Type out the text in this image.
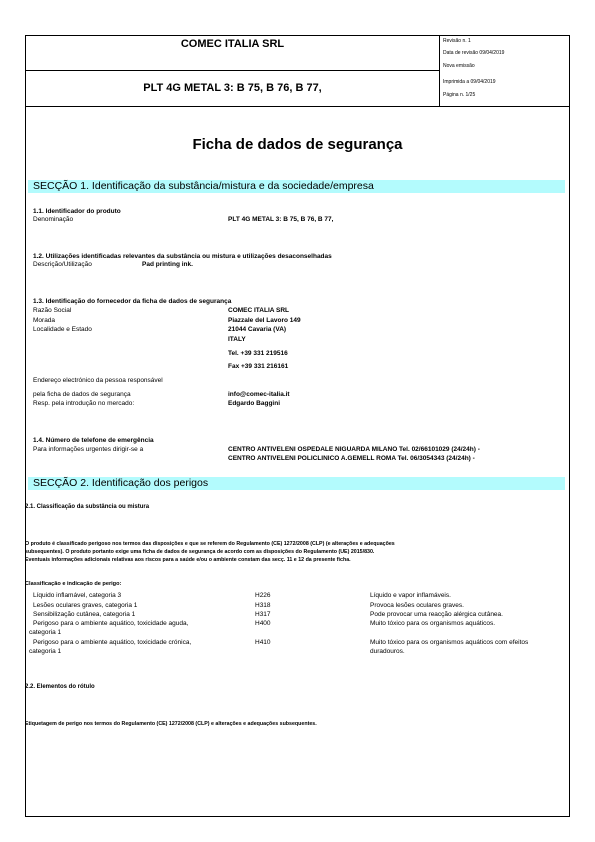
COMEC ITALIA SRL
PLT 4G METAL 3: B 75, B 76, B 77,
Revisão n. 1
Data de revisão 09/04/2019
Nova emissão
Imprimida a 09/04/2019
Página n. 1/25
Ficha de dados de segurança
SECÇÃO 1. Identificação da substância/mistura e da sociedade/empresa
1.1. Identificador do produto
Denominação	PLT 4G METAL 3: B 75, B 76, B 77,
1.2. Utilizações identificadas relevantes da substância ou mistura e utilizações desaconselhadas
Descrição/Utilização	Pad printing ink.
1.3. Identificação do fornecedor da ficha de dados de segurança
Razão Social	COMEC ITALIA SRL
Morada	Piazzale del Lavoro 149
Localidade e Estado	21044 Cavaria (VA)
ITALY
Tel. +39 331 219516
Fax +39 331 216161
Endereço electrónico da pessoa responsável
pela ficha de dados de segurança	info@comec-italia.it
Resp. pela introdução no mercado:	Edgardo Baggini
1.4. Número de telefone de emergência
Para informações urgentes dirigir-se a	CENTRO ANTIVELENI OSPEDALE NIGUARDA MILANO Tel. 02/66101029 (24/24h) -
CENTRO ANTIVELENI POLICLINICO A.GEMELL ROMA Tel. 06/3054343 (24/24h) -
SECÇÃO 2. Identificação dos perigos
2.1. Classificação da substância ou mistura
O produto é classificado perigoso nos termos das disposições e que se referem do Regulamento (CE) 1272/2008 (CLP) (e alterações e adequações
subsequentes). O produto portanto exige uma ficha de dados de segurança de acordo com as disposições do Regulamento (UE) 2015/830.
Eventuais informações adicionais relativas aos riscos para a saúde e/ou o ambiente constam das secç. 11 e 12 da presente ficha.
Classificação e indicação de perigo:
Líquido inflamável, categoria 3	H226	Líquido e vapor inflamáveis.
Lesões oculares graves, categoria 1	H318	Provoca lesões oculares graves.
Sensibilização cutânea, categoria 1	H317	Pode provocar uma reacção alérgica cutânea.
Perigoso para o ambiente aquático, toxicidade aguda,
categoria 1
H400	Muito tóxico para os organismos aquáticos.
Perigoso para o ambiente aquático, toxicidade crónica,
categoria 1
H410	Muito tóxico para os organismos aquáticos com efeitos
duradouros.
2.2. Elementos do rótulo
Etiquetagem de perigo nos termos do Regulamento (CE) 1272/2008 (CLP) e alterações e adequações subsequentes.
